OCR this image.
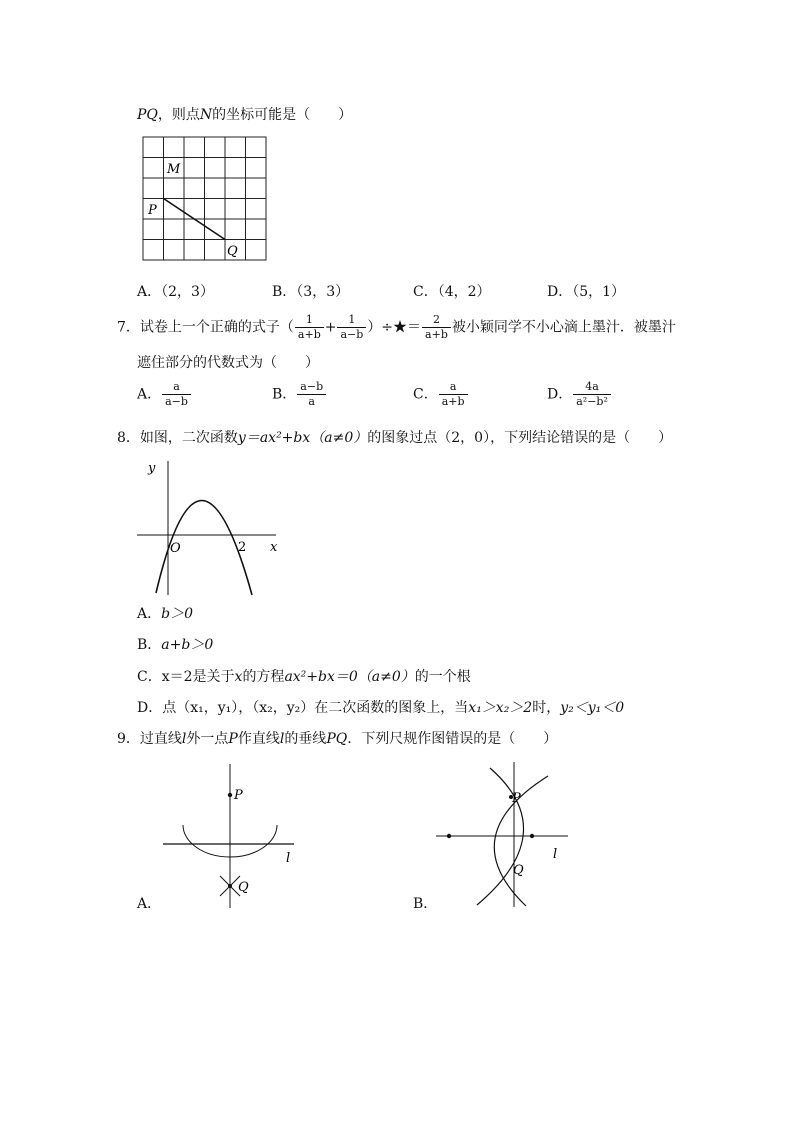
PQ，则点N的坐标可能是（　　）
M
P
Q
A．（2，3）	B．（3，3）	C．（4，2）	D．（5，1）
7．试卷上一个正确的式子（ $\frac{1}{a+b} + \frac{1}{a-b}$ ）÷★＝ $\frac{2}{a+b}$ 被小颖同学不小心滴上墨汁．被墨汁
遮住部分的代数式为（　　）
A． $\frac{a}{a-b}$	B． $\frac{a-b}{a}$	C． $\frac{a}{a+b}$	D． $\frac{4a}{\text{a²−b²}}$
8．如图，二次函数y＝ax²+bx（a≠0）的图象过点（2，0），下列结论错误的是（　　）
y
x
O	2
A．b＞0
B．a+b＞0
C．x＝2是关于x的方程ax²+bx＝0（a≠0）的一个根
D．点（x₁，y₁），（x₂，y₂）在二次函数的图象上，当x₁＞x₂＞2时，y₂＜y₁＜0
9．过直线l外一点P作直线l的垂线PQ．下列尺规作图错误的是（　　）
P
Q
l
A．
P
Q
l
B．
